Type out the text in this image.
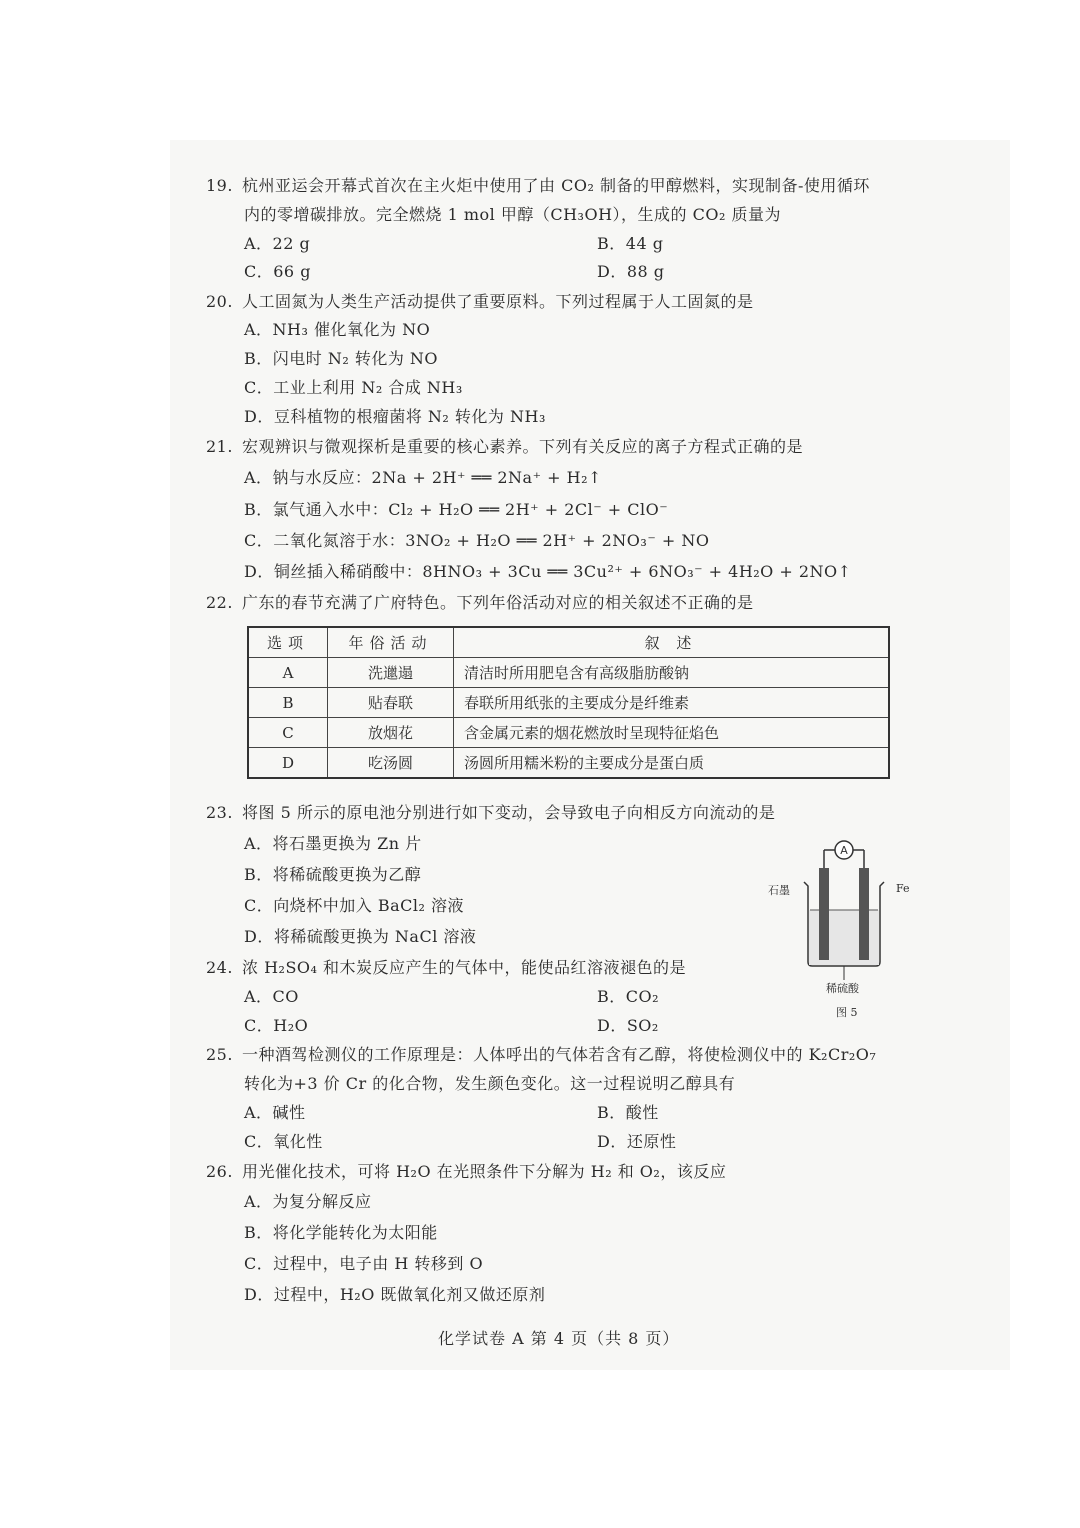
19. 杭州亚运会开幕式首次在主火炬中使用了由 CO₂ 制备的甲醇燃料，实现制备-使用循环
内的零增碳排放。完全燃烧 1 mol 甲醇（CH₃OH），生成的 CO₂ 质量为
A．22 g	B．44 g
C．66 g	D．88 g
20. 人工固氮为人类生产活动提供了重要原料。下列过程属于人工固氮的是
A．NH₃ 催化氧化为 NO
B．闪电时 N₂ 转化为 NO
C．工业上利用 N₂ 合成 NH₃
D．豆科植物的根瘤菌将 N₂ 转化为 NH₃
21. 宏观辨识与微观探析是重要的核心素养。下列有关反应的离子方程式正确的是
A．钠与水反应：2Na + 2H⁺ ══ 2Na⁺ + H₂↑
B．氯气通入水中：Cl₂ + H₂O ══ 2H⁺ + 2Cl⁻ + ClO⁻
C．二氧化氮溶于水：3NO₂ + H₂O ══ 2H⁺ + 2NO₃⁻ + NO
D．铜丝插入稀硝酸中：8HNO₃ + 3Cu ══ 3Cu²⁺ + 6NO₃⁻ + 4H₂O + 2NO↑
22. 广东的春节充满了广府特色。下列年俗活动对应的相关叙述不正确的是
选项	年俗活动	叙 述
A	洗邋遢	清洁时所用肥皂含有高级脂肪酸钠
B	贴春联	春联所用纸张的主要成分是纤维素
C	放烟花	含金属元素的烟花燃放时呈现特征焰色
D	吃汤圆	汤圆所用糯米粉的主要成分是蛋白质
23. 将图 5 所示的原电池分别进行如下变动，会导致电子向相反方向流动的是
A．将石墨更换为 Zn 片
B．将稀硫酸更换为乙醇
C．向烧杯中加入 BaCl₂ 溶液
D．将稀硫酸更换为 NaCl 溶液
A
石墨	Fe
稀硫酸
图 5
24. 浓 H₂SO₄ 和木炭反应产生的气体中，能使品红溶液褪色的是
A．CO	B．CO₂
C．H₂O	D．SO₂
25. 一种酒驾检测仪的工作原理是：人体呼出的气体若含有乙醇，将使检测仪中的 K₂Cr₂O₇
转化为+3 价 Cr 的化合物，发生颜色变化。这一过程说明乙醇具有
A．碱性	B．酸性
C．氧化性	D．还原性
26. 用光催化技术，可将 H₂O 在光照条件下分解为 H₂ 和 O₂，该反应
A．为复分解反应
B．将化学能转化为太阳能
C．过程中，电子由 H 转移到 O
D．过程中，H₂O 既做氧化剂又做还原剂
化学试卷 A 第 4 页（共 8 页）
